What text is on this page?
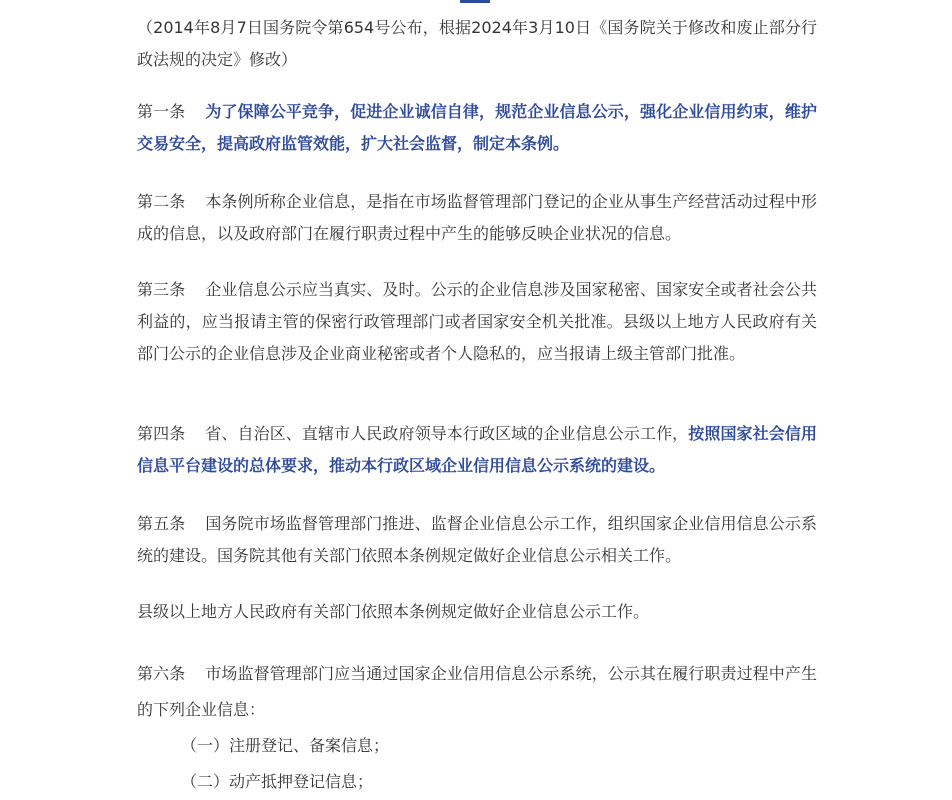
（2014年8月7日国务院令第654号公布，根据2024年3月10日《国务院关于修改和废止部分行政法规的决定》修改）

第一条 为了保障公平竞争，促进企业诚信自律，规范企业信息公示，强化企业信用约束，维护交易安全，提高政府监管效能，扩大社会监督，制定本条例。

第二条 本条例所称企业信息，是指在市场监督管理部门登记的企业从事生产经营活动过程中形成的信息，以及政府部门在履行职责过程中产生的能够反映企业状况的信息。

第三条 企业信息公示应当真实、及时。公示的企业信息涉及国家秘密、国家安全或者社会公共利益的，应当报请主管的保密行政管理部门或者国家安全机关批准。县级以上地方人民政府有关部门公示的企业信息涉及企业商业秘密或者个人隐私的，应当报请上级主管部门批准。

第四条 省、自治区、直辖市人民政府领导本行政区域的企业信息公示工作，按照国家社会信用信息平台建设的总体要求，推动本行政区域企业信用信息公示系统的建设。

第五条 国务院市场监督管理部门推进、监督企业信息公示工作，组织国家企业信用信息公示系统的建设。国务院其他有关部门依照本条例规定做好企业信息公示相关工作。

县级以上地方人民政府有关部门依照本条例规定做好企业信息公示工作。

第六条 市场监督管理部门应当通过国家企业信用信息公示系统，公示其在履行职责过程中产生的下列企业信息：

（一）注册登记、备案信息；

（二）动产抵押登记信息；
